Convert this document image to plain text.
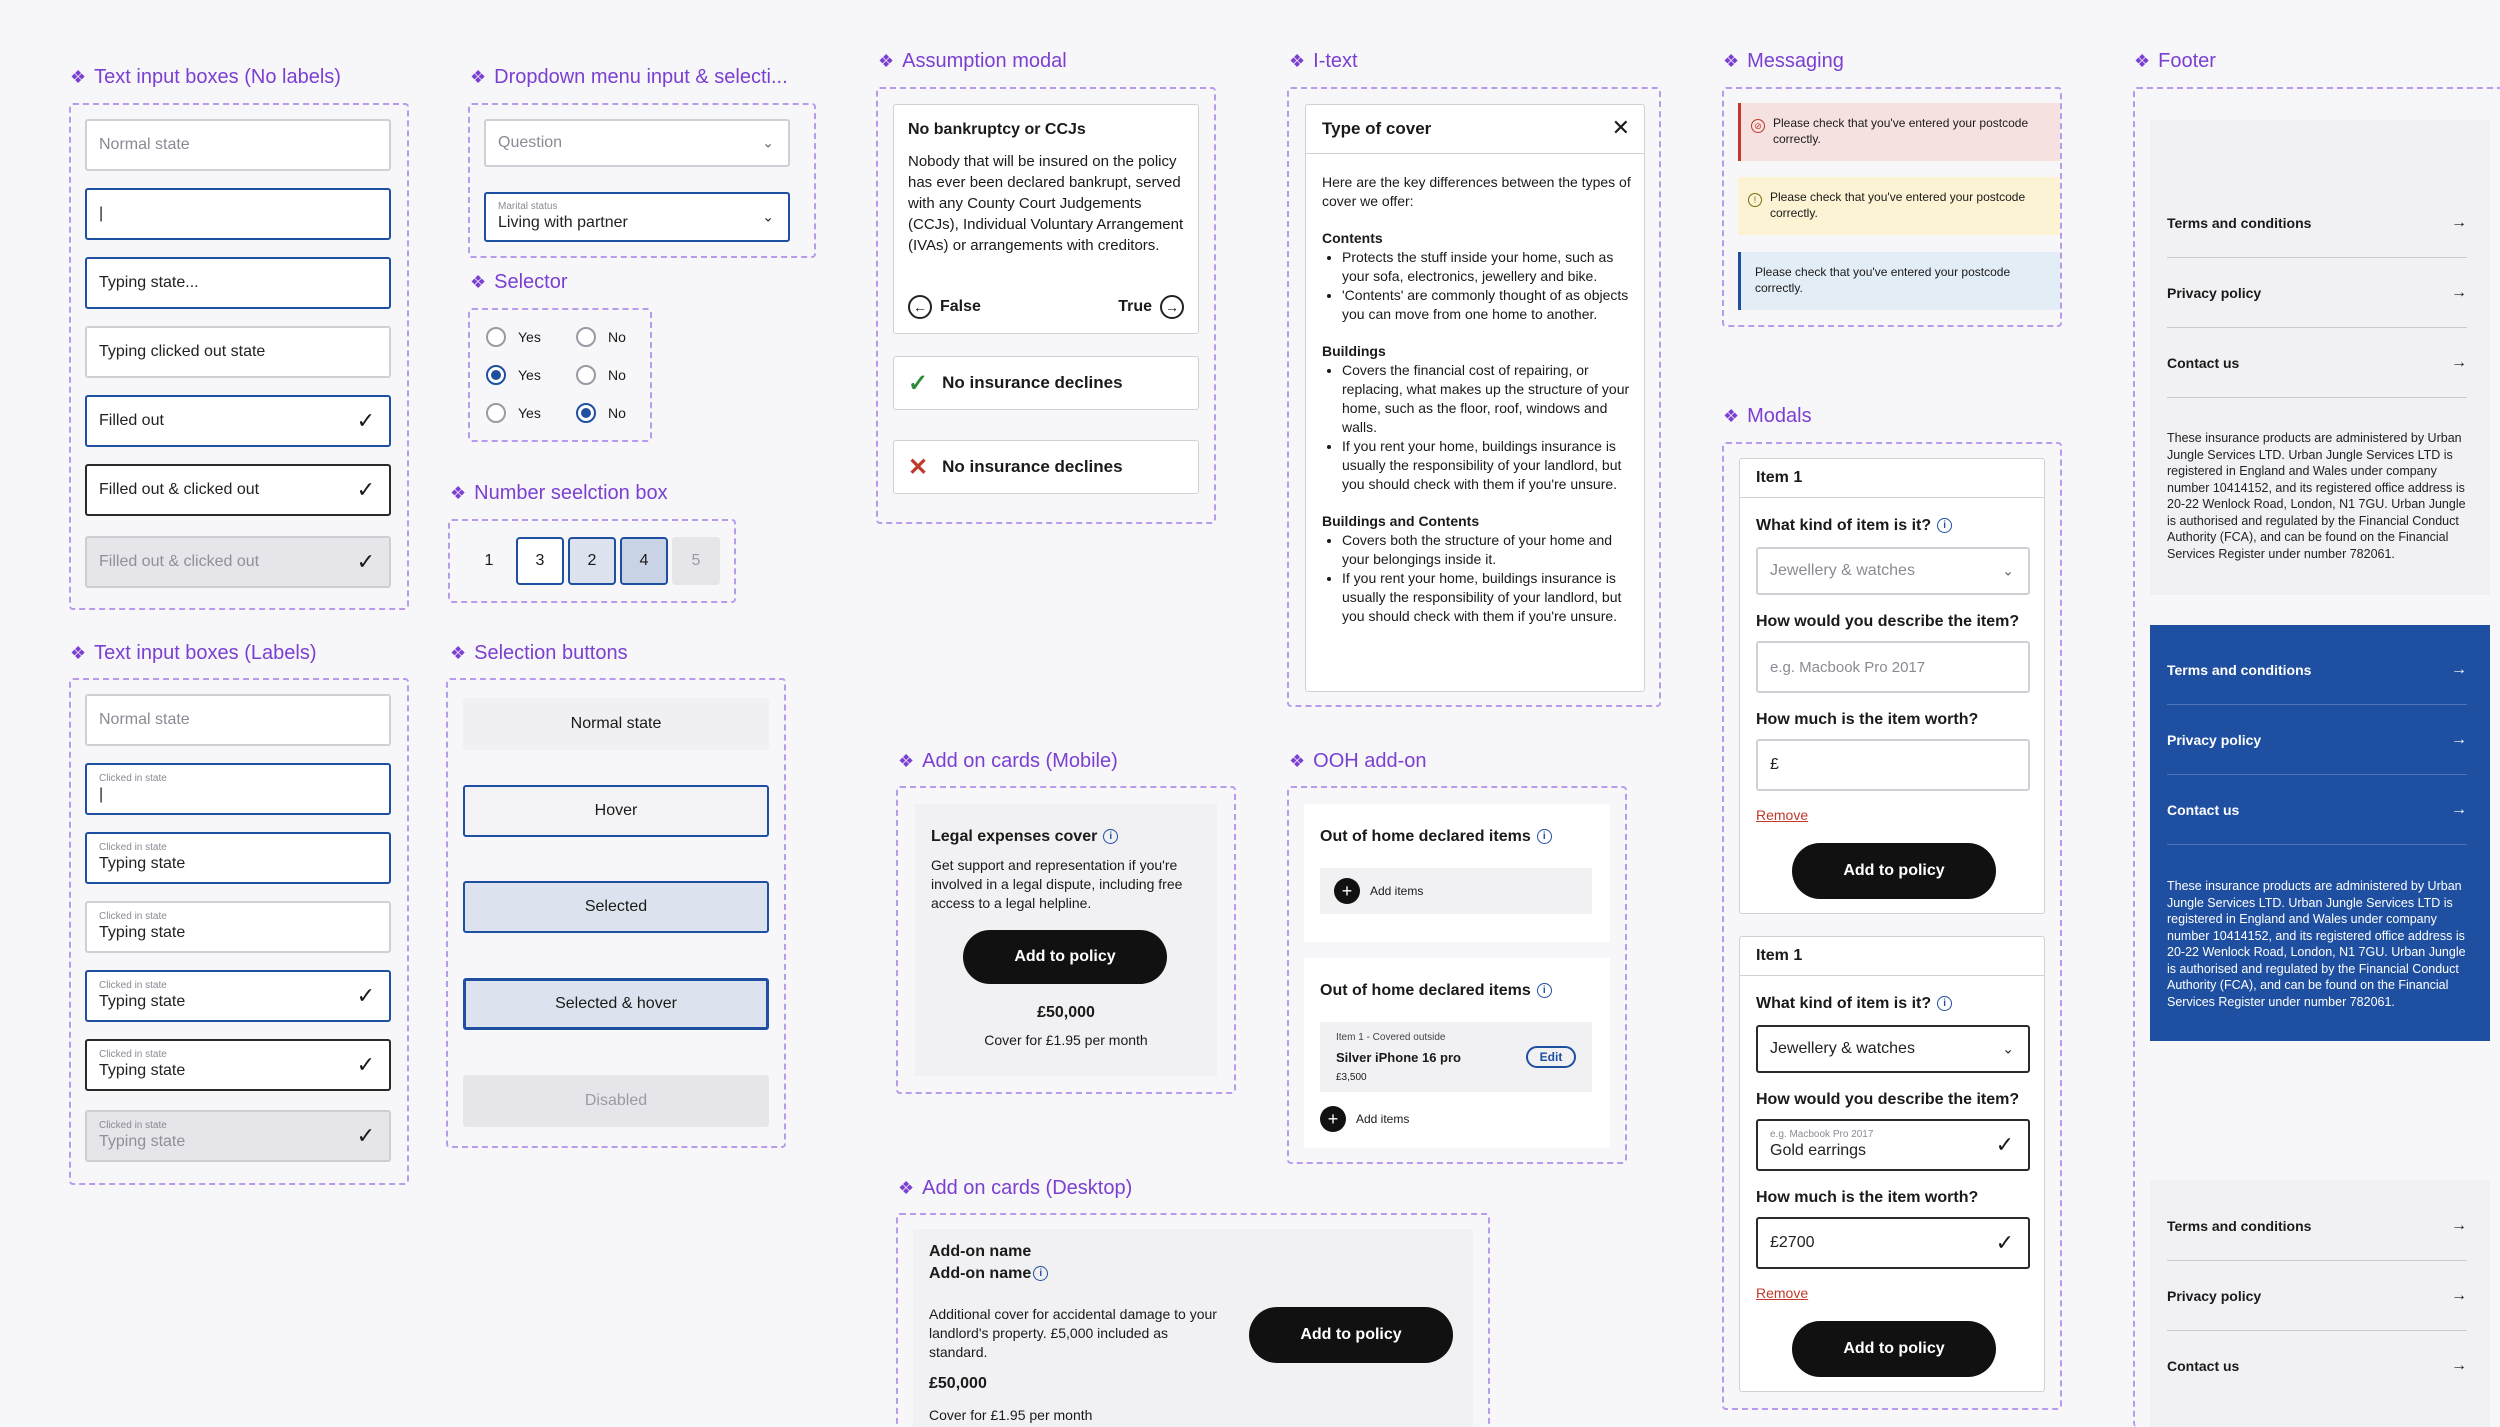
❖ Text input boxes (No labels)
Normal state
|
Typing state...
Typing clicked out state
Filled out	✓
Filled out & clicked out	✓
Filled out & clicked out	✓
❖ Text input boxes (Labels)
Normal state
Clicked in state
|
Clicked in state
Typing state
Clicked in state
Typing state
Clicked in state
Typing state	✓
Clicked in state
Typing state	✓
Clicked in state
Typing state	✓
❖ Dropdown menu input & selecti...
Question	⌄
Marital status
Living with partner	⌄
❖ Selector
Yes	No
Yes	No
Yes	No
❖ Number seelction box
1	3	2	4	5
❖ Selection buttons
Normal state
Hover
Selected
Selected & hover
Disabled
❖ Assumption modal
No bankruptcy or CCJs
Nobody that will be insured on the policy has ever been declared bankrupt, served with any County Court Judgements (CCJs), Individual Voluntary Arrangement (IVAs) or arrangements with creditors.
← False	True →
✓ No insurance declines
✕ No insurance declines
❖ I-text
Type of cover	✕
Here are the key differences between the types of cover we offer:
Contents
• Protects the stuff inside your home, such as your sofa, electronics, jewellery and bike.
• 'Contents' are commonly thought of as objects you can move from one home to another.
Buildings
• Covers the financial cost of repairing, or replacing, what makes up the structure of your home, such as the floor, roof, windows and walls.
• If you rent your home, buildings insurance is usually the responsibility of your landlord, but you should check with them if you're unsure.
Buildings and Contents
• Covers both the structure of your home and your belongings inside it.
• If you rent your home, buildings insurance is usually the responsibility of your landlord, but you should check with them if you're unsure.
❖ Messaging
⊘ Please check that you've entered your postcode correctly.
!	Please check that you've entered your postcode correctly.
Please check that you've entered your postcode correctly.
❖ Modals
Item 1
What kind of item is it? i
Jewellery & watches	⌄
How would you describe the item?
e.g. Macbook Pro 2017
How much is the item worth?
£
Remove
Add to policy
Item 1
What kind of item is it? i
Jewellery & watches	⌄
How would you describe the item?
e.g. Macbook Pro 2017
Gold earrings	✓
How much is the item worth?
£2700	✓
Remove
Add to policy
❖ Footer
Terms and conditions	→
Privacy policy	→
Contact us	→
These insurance products are administered by Urban Jungle Services LTD. Urban Jungle Services LTD is registered in England and Wales under company number 10414152, and its registered office address is 20-22 Wenlock Road, London, N1 7GU. Urban Jungle is authorised and regulated by the Financial Conduct Authority (FCA), and can be found on the Financial Services Register under number 782061.
Terms and conditions	→
Privacy policy	→
Contact us	→
These insurance products are administered by Urban Jungle Services LTD. Urban Jungle Services LTD is registered in England and Wales under company number 10414152, and its registered office address is 20-22 Wenlock Road, London, N1 7GU. Urban Jungle is authorised and regulated by the Financial Conduct Authority (FCA), and can be found on the Financial Services Register under number 782061.
Terms and conditions	→
Privacy policy	→
Contact us	→
❖ Add on cards (Mobile)
Legal expenses cover i
Get support and representation if you're involved in a legal dispute, including free access to a legal helpline.
Add to policy
£50,000
Cover for £1.95 per month
❖ OOH add-on
Out of home declared items i
+	Add items
Out of home declared items i
Item 1 - Covered outside
Silver iPhone 16 pro
£3,500
Edit
+	Add items
❖ Add on cards (Desktop)
Add-on name
Add-on name i
Additional cover for accidental damage to your landlord's property. £5,000 included as standard.
£50,000
Cover for £1.95 per month
Add to policy
